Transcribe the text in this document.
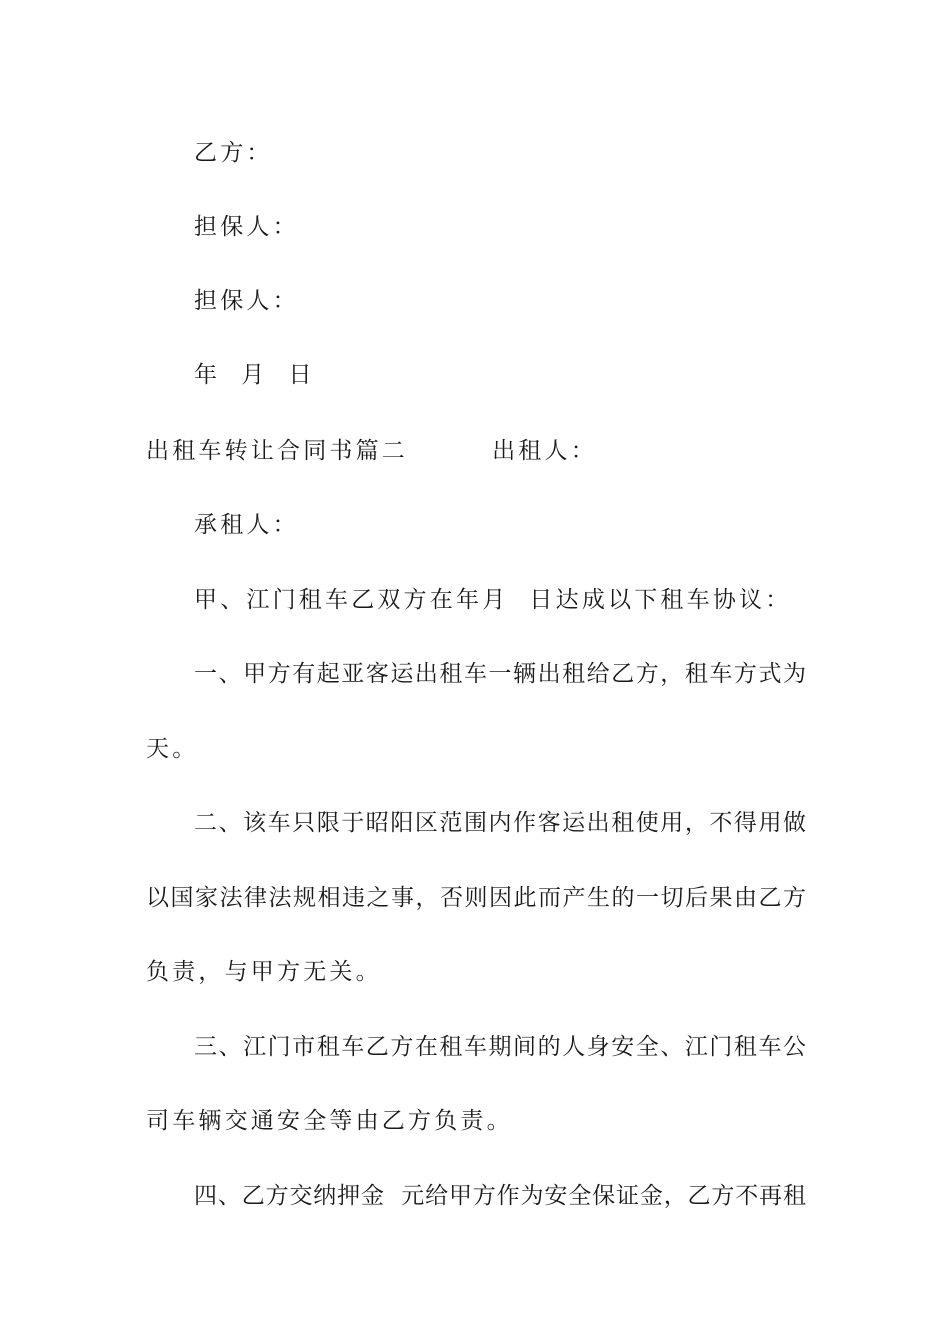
乙方：

担保人：

担保人：

年  月  日

出租车转让合同书篇二        出租人：

承租人：

甲、江门租车乙双方在年月  日达成以下租车协议：

一、甲方有起亚客运出租车一辆出租给乙方，租车方式为

天。

二、该车只限于昭阳区范围内作客运出租使用，不得用做

以国家法律法规相违之事，否则因此而产生的一切后果由乙方

负责，与甲方无关。

三、江门市租车乙方在租车期间的人身安全、江门租车公

司车辆交通安全等由乙方负责。

四、乙方交纳押金  元给甲方作为安全保证金，乙方不再租
